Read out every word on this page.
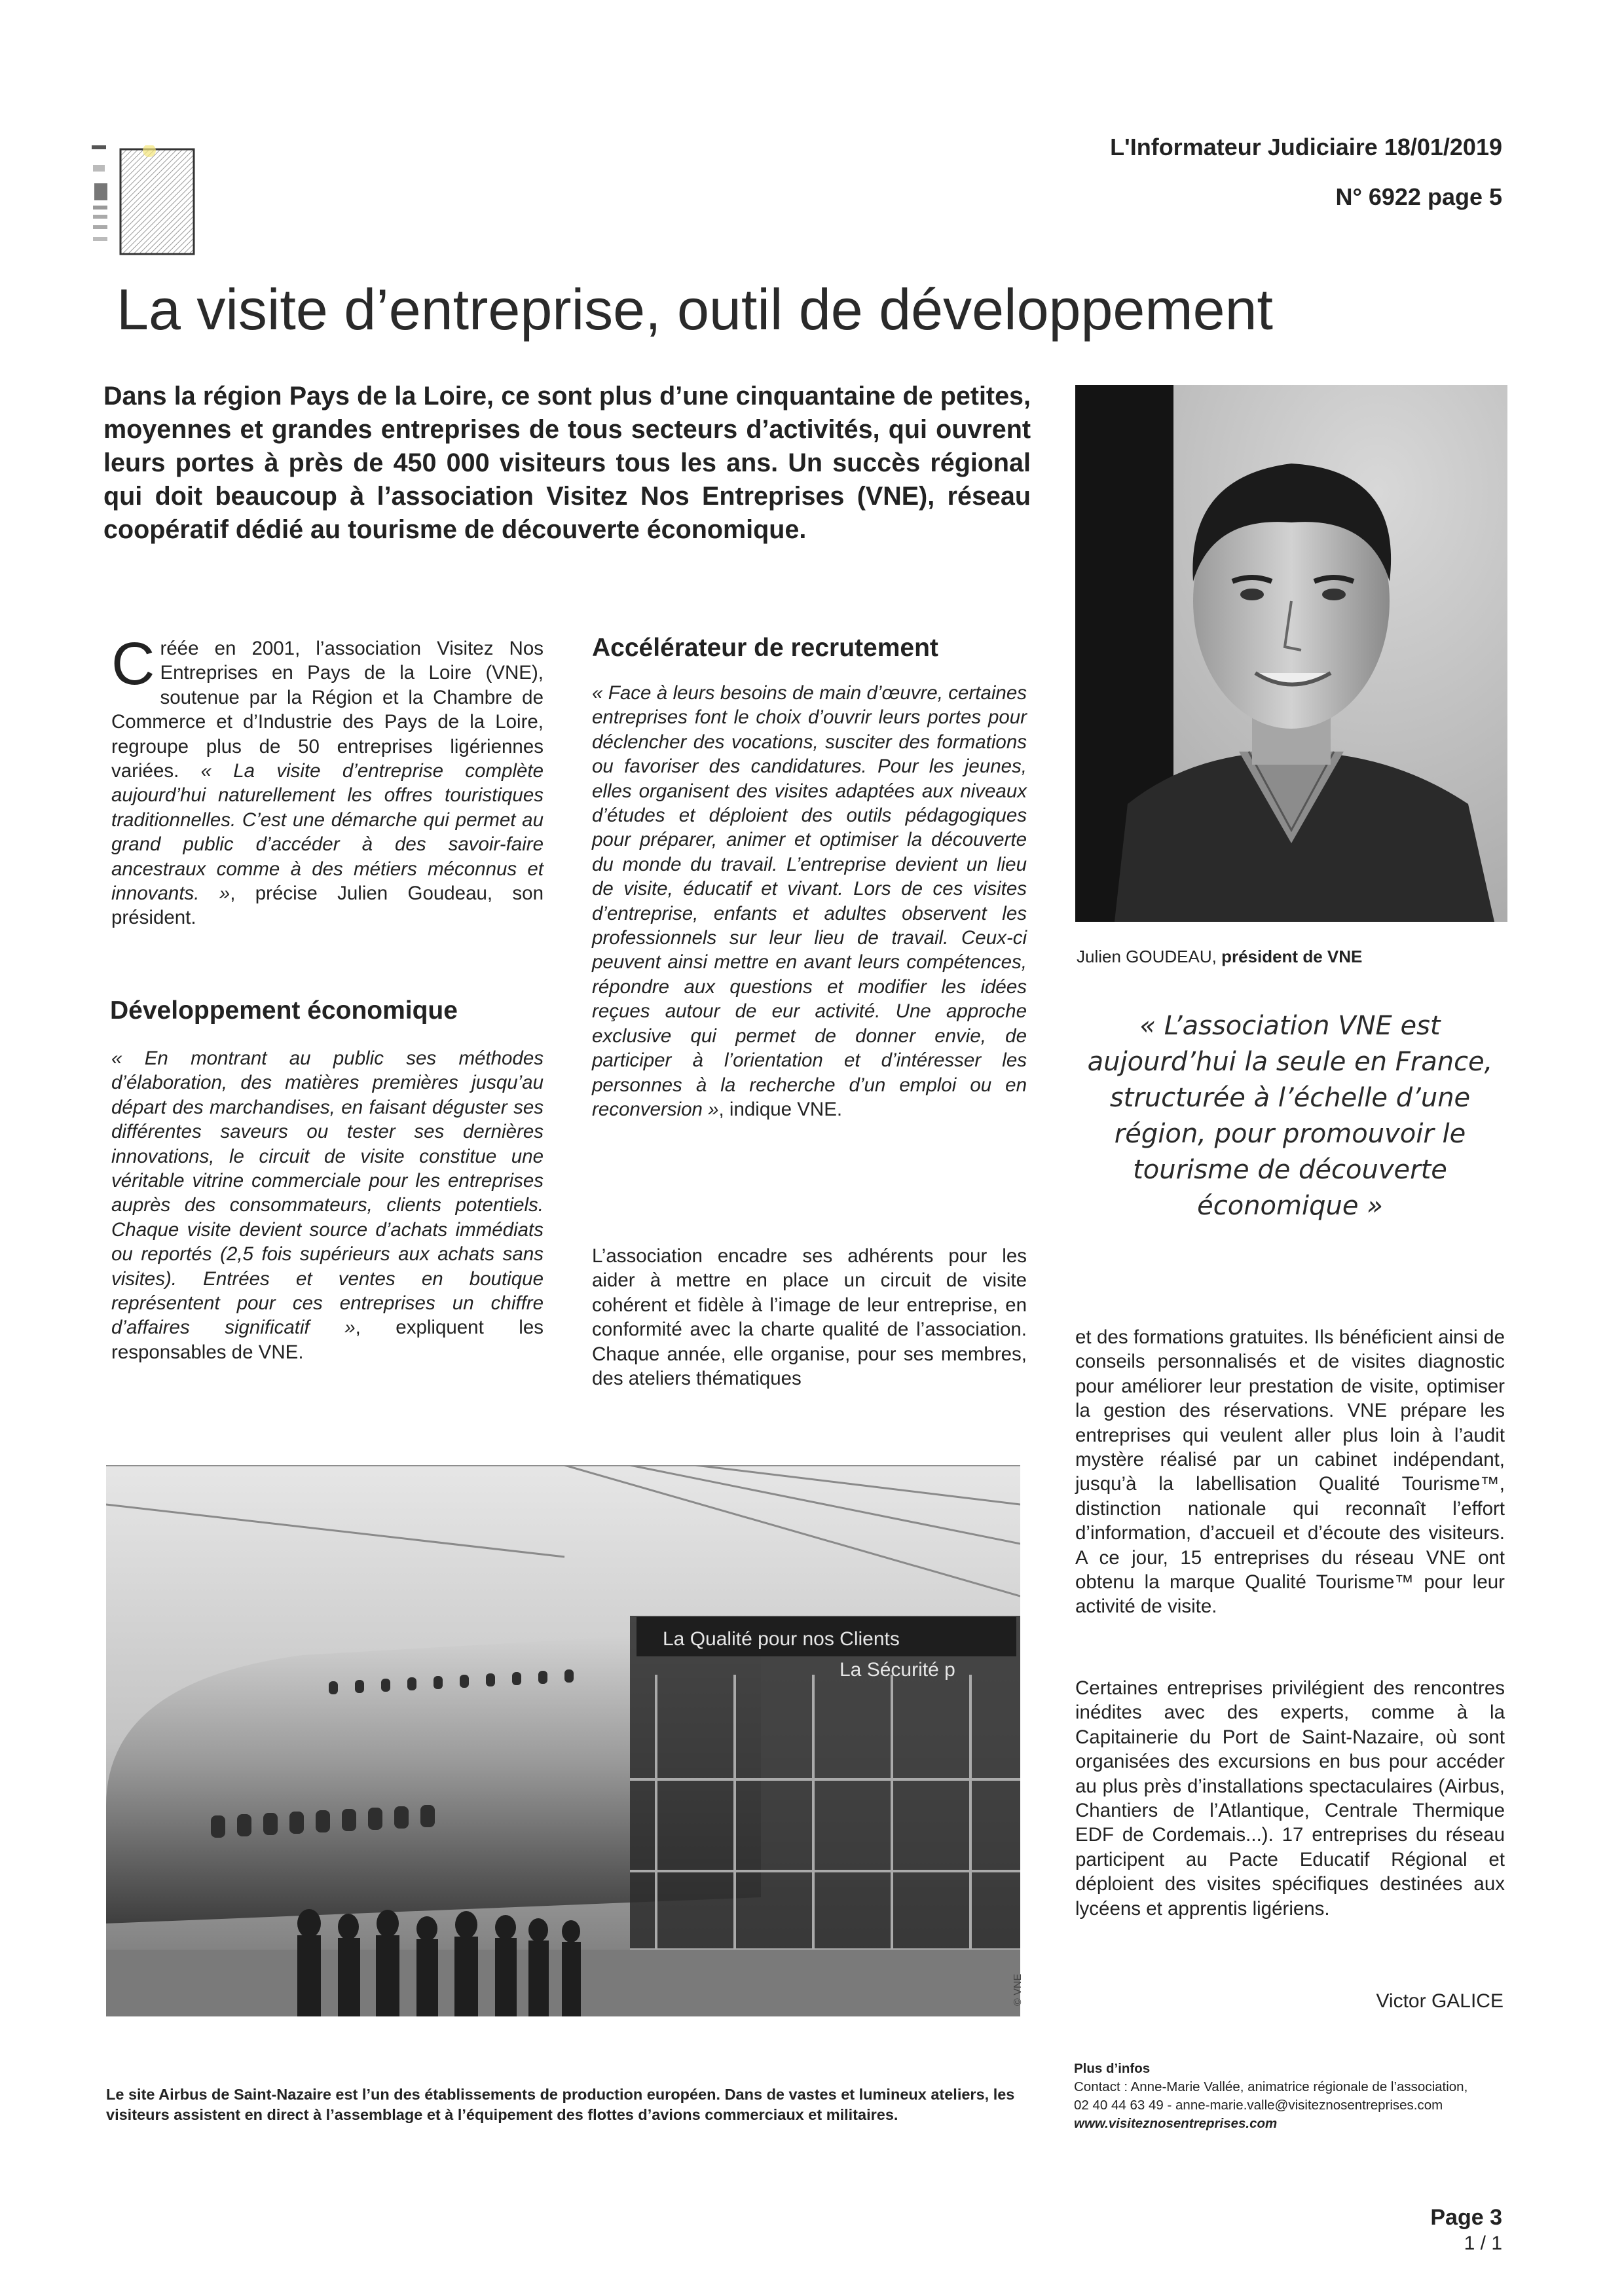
L'Informateur Judiciaire 18/01/2019
N° 6922 page 5
La visite d’entreprise, outil de développement
Dans la région Pays de la Loire, ce sont plus d’une cinquantaine de petites, moyennes et grandes entreprises de tous secteurs d’activités, qui ouvrent leurs portes à près de 450 000 visiteurs tous les ans. Un succès régional qui doit beaucoup à l’association Visitez Nos Entreprises (VNE), réseau coopératif dédié au tourisme de découverte économique.

Créée en 2001, l’association Visitez Nos Entreprises en Pays de la Loire (VNE), soutenue par la Région et la Chambre de Commerce et d’Industrie des Pays de la Loire, regroupe plus de 50 entreprises ligériennes variées. « La visite d’entreprise complète aujourd’hui naturellement les offres touristiques traditionnelles. C’est une démarche qui permet au grand public d’accéder à des savoir-faire ancestraux comme à des métiers méconnus et innovants. », précise Julien Goudeau, son président.

Développement économique

« En montrant au public ses méthodes d’élaboration, des matières premières jusqu’au départ des marchandises, en faisant déguster ses différentes saveurs ou tester ses dernières innovations, le circuit de visite constitue une véritable vitrine commerciale pour les entreprises auprès des consommateurs, clients potentiels. Chaque visite devient source d’achats immédiats ou reportés (2,5 fois supérieurs aux achats sans visites). Entrées et ventes en boutique représentent pour ces entreprises un chiffre d’affaires significatif », expliquent les responsables de VNE.

Accélérateur de recrutement

« Face à leurs besoins de main d’œuvre, certaines entreprises font le choix d’ouvrir leurs portes pour déclencher des vocations, susciter des formations ou favoriser des candidatures. Pour les jeunes, elles organisent des visites adaptées aux niveaux d’études et déploient des outils pédagogiques pour préparer, animer et optimiser la découverte du monde du travail. L’entreprise devient un lieu de visite, éducatif et vivant. Lors de ces visites d’entreprise, enfants et adultes observent les professionnels sur leur lieu de travail. Ceux-ci peuvent ainsi mettre en avant leurs compétences, répondre aux questions et modifier les idées reçues autour de eur activité. Une approche exclusive qui permet de donner envie, de participer à l’orientation et d’intéresser les personnes à la recherche d’un emploi ou en reconversion », indique VNE.

L’association encadre ses adhérents pour les aider à mettre en place un circuit de visite cohérent et fidèle à l’image de leur entreprise, en conformité avec la charte qualité de l’association. Chaque année, elle organise, pour ses membres, des ateliers thématiques

Julien GOUDEAU, président de VNE
« L’association VNE est aujourd’hui la seule en France, structurée à l’échelle d’une région, pour promouvoir le tourisme de découverte économique »
et des formations gratuites. Ils bénéficient ainsi de conseils personnalisés et de visites diagnostic pour améliorer leur prestation de visite, optimiser la gestion des réservations. VNE prépare les entreprises qui veulent aller plus loin à l’audit mystère réalisé par un cabinet indépendant, jusqu’à la labellisation Qualité Tourisme™, distinction nationale qui reconnaît l’effort d’information, d’accueil et d’écoute des visiteurs. A ce jour, 15 entreprises du réseau VNE ont obtenu la marque Qualité Tourisme™ pour leur activité de visite.
Certaines entreprises privilégient des rencontres inédites avec des experts, comme à la Capitainerie du Port de Saint-Nazaire, où sont organisées des excursions en bus pour accéder au plus près d’installations spectaculaires (Airbus, Chantiers de l’Atlantique, Centrale Thermique EDF de Cordemais...). 17 entreprises du réseau participent au Pacte Educatif Régional et déploient des visites spécifiques destinées aux lycéens et apprentis ligériens.
Victor GALICE
La Qualité pour nos Clients
La Sécurité p
© VNE
Le site Airbus de Saint-Nazaire est l’un des établissements de production européen. Dans de vastes et lumineux ateliers, les visiteurs assistent en direct à l’assemblage et à l’équipement des flottes d’avions commerciaux et militaires.
Plus d’infos
Contact : Anne-Marie Vallée, animatrice régionale de l’association,
02 40 44 63 49 - anne-marie.valle@visiteznosentreprises.com
www.visiteznosentreprises.com
Page 3
1 / 1
